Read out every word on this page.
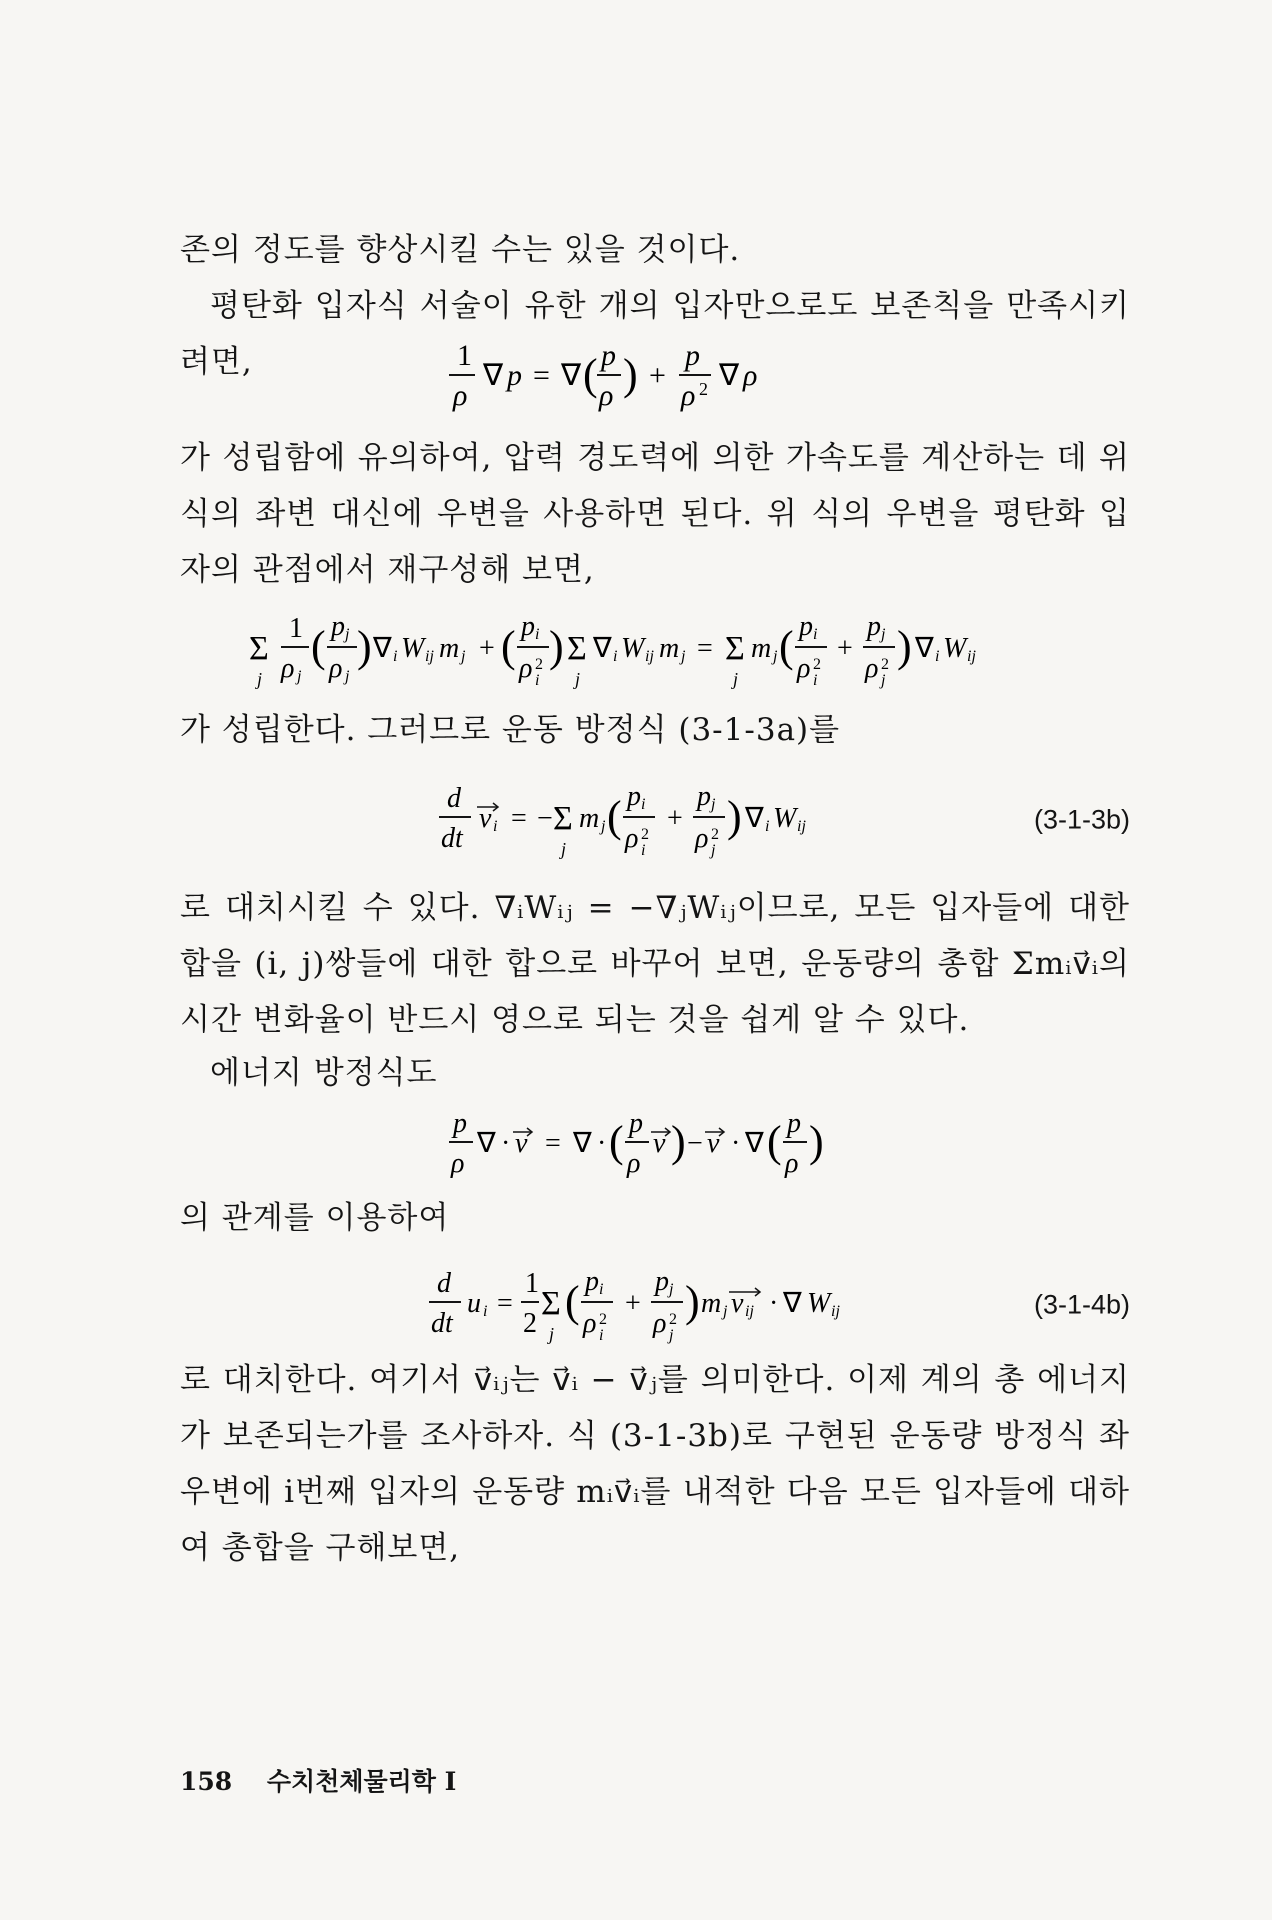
존의 정도를 향상시킬 수는 있을 것이다.

평탄화 입자식 서술이 유한 개의 입자만으로도 보존칙을 만족시키려면,	1
ρ
∇ p = ∇ ( p
ρ ) +
p
ρ 2 ∇ ρ

가 성립함에 유의하여, 압력 경도력에 의한 가속도를 계산하는 데 위 식의 좌변 대신에 우변을 사용하면 된다. 위 식의 우변을 평탄화 입자의 관점에서 재구성해 보면,

Σ
j
1
ρ j
( p j
ρ j
) ∇ i W ij m j + ( p i
ρ 2
i
) Σ
j
∇ i W ij m j = Σ
j
m j ( p i
ρ 2
i
+
p j
ρ 2
j
) ∇ i W ij

가 성립한다. 그러므로 운동 방정식 (3-1-3a)를

d
dt
v i = − Σ
j
m j ( p i
ρ 2
i
+
p j
ρ 2
j
) ∇ i W ij	(3-1-3b)

로 대치시킬 수 있다. ∇ᵢWᵢⱼ = −∇ⱼWᵢⱼ이므로, 모든 입자들에 대한 합을 (i, j)쌍들에 대한 합으로 바꾸어 보면, 운동량의 총합 Σmᵢv⃗ᵢ의 시간 변화율이 반드시 영으로 되는 것을 쉽게 알 수 있다.

에너지 방정식도

p
ρ
∇ · v = ∇ · ( p
ρ
v ) − v · ∇ ( p
ρ )

의 관계를 이용하여

d
dt
u i =
1
2
Σ
j
( p i
ρ 2
i
+
p j
ρ 2
j
) m j v ij · ∇ W ij	(3-1-4b)

로 대치한다. 여기서 v⃗ᵢⱼ는 v⃗ᵢ − v⃗ⱼ를 의미한다. 이제 계의 총 에너지가 보존되는가를 조사하자. 식 (3-1-3b)로 구현된 운동량 방정식 좌우변에 i번째 입자의 운동량 mᵢv⃗ᵢ를 내적한 다음 모든 입자들에 대하여 총합을 구해보면,

158 수치천체물리학 I
